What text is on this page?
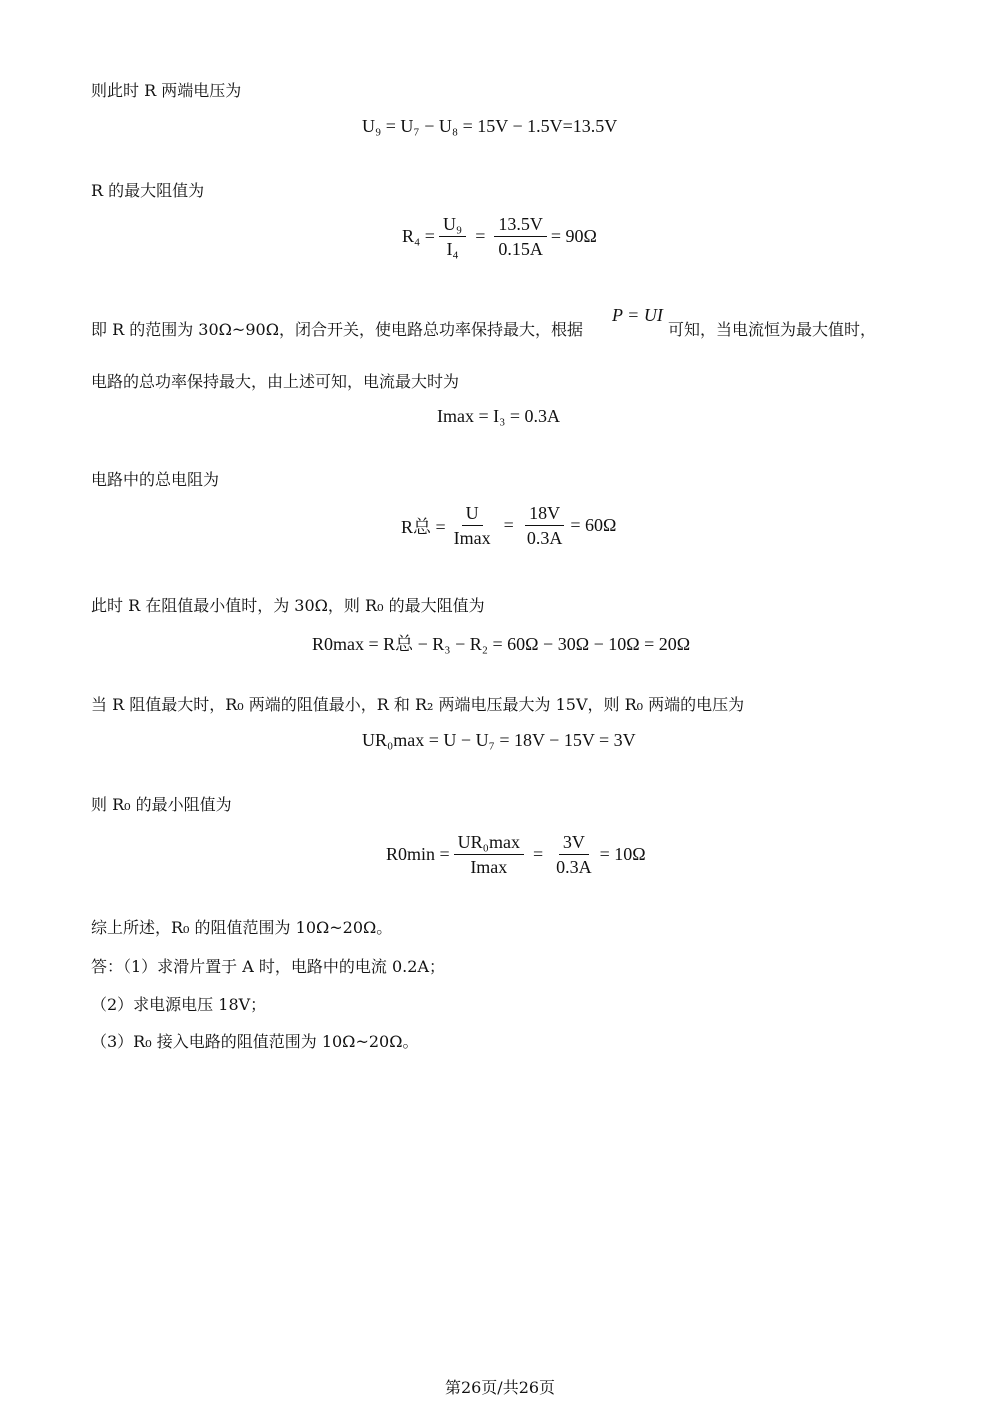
则此时 R 两端电压为
U₉ = U₇ − U₈ = 15V − 1.5V=13.5V
R 的最大阻值为
$R_4 = \frac{\text{U₉}}{\text{I₄}} = \frac{13.5V}{0.15A} = 90\Omega$
即 R 的范围为 30Ω~90Ω，闭合开关，使电路总功率保持最大，根据
P = UI
可知，当电流恒为最大值时，
电路的总功率保持最大，由上述可知，电流最大时为
Imax = I₃ = 0.3A
电路中的总电阻为
R总 = $\frac{U}{Imax} = \frac{18V}{0.3A} = 60\Omega$
此时 R 在阻值最小值时，为 30Ω，则 R₀ 的最大阻值为
R0max = R总 − R₃ − R₂ = 60Ω − 30Ω − 10Ω = 20Ω
当 R 阻值最大时，R₀ 两端的阻值最小，R 和 R₂ 两端电压最大为 15V，则 R₀ 两端的电压为
UR₀max = U − U₇ = 18V − 15V = 3V
则 R₀ 的最小阻值为
$R0\min = \frac{\text{UR₀max}}{Imax} = \frac{3V}{0.3A} = 10\Omega$
综上所述，R₀ 的阻值范围为 10Ω~20Ω。
答：（1）求滑片置于 A 时，电路中的电流 0.2A；
（2）求电源电压 18V；
（3）R₀ 接入电路的阻值范围为 10Ω~20Ω。
第26页/共26页
